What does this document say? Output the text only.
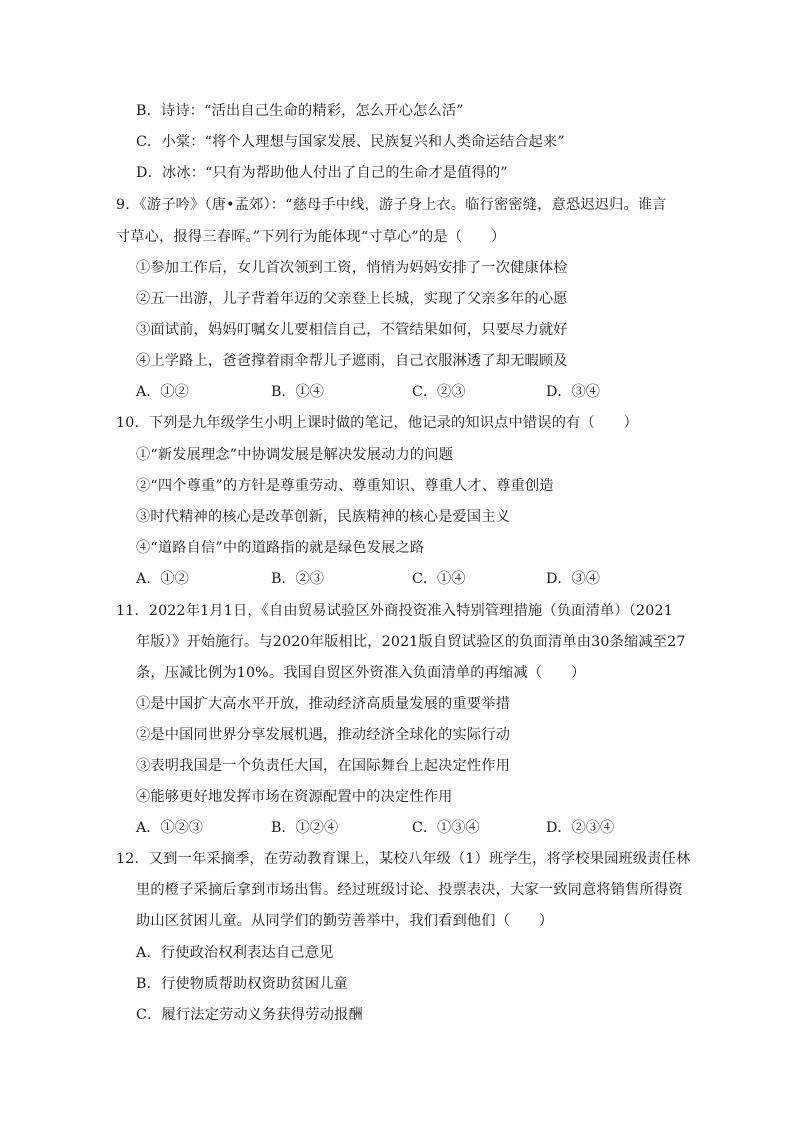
B．诗诗：“活出自己生命的精彩，怎么开心怎么活”
C．小棠：“将个人理想与国家发展、民族复兴和人类命运结合起来”
D．冰冰：“只有为帮助他人付出了自己的生命才是值得的”
9．《游子吟》（唐•孟郊）：“慈母手中线，游子身上衣。临行密密缝，意恐迟迟归。谁言
寸草心，报得三春晖。”下列行为能体现“寸草心”的是（　　）
①参加工作后，女儿首次领到工资，悄悄为妈妈安排了一次健康体检
②五一出游，儿子背着年迈的父亲登上长城，实现了父亲多年的心愿
③面试前，妈妈叮嘱女儿要相信自己，不管结果如何，只要尽力就好
④上学路上，爸爸撑着雨伞帮儿子遮雨，自己衣服淋透了却无暇顾及
A．①②	B．①④	C．②③	D．③④
10．下列是九年级学生小明上课时做的笔记，他记录的知识点中错误的有（　　）
①“新发展理念”中协调发展是解决发展动力的问题
②“四个尊重”的方针是尊重劳动、尊重知识、尊重人才、尊重创造
③时代精神的核心是改革创新，民族精神的核心是爱国主义
④“道路自信”中的道路指的就是绿色发展之路
A．①②	B．②③	C．①④	D．③④
11．2022年1月1日，《自由贸易试验区外商投资准入特别管理措施（负面清单）（2021
年版）》开始施行。与2020年版相比，2021版自贸试验区的负面清单由30条缩减至27
条，压减比例为10%。我国自贸区外资准入负面清单的再缩减（　　）
①是中国扩大高水平开放，推动经济高质量发展的重要举措
②是中国同世界分享发展机遇，推动经济全球化的实际行动
③表明我国是一个负责任大国，在国际舞台上起决定性作用
④能够更好地发挥市场在资源配置中的决定性作用
A．①②③	B．①②④	C．①③④	D．②③④
12．又到一年采摘季，在劳动教育课上，某校八年级（1）班学生，将学校果园班级责任林
里的橙子采摘后拿到市场出售。经过班级讨论、投票表决，大家一致同意将销售所得资
助山区贫困儿童。从同学们的勤劳善举中，我们看到他们（　　）
A．行使政治权利表达自己意见
B．行使物质帮助权资助贫困儿童
C．履行法定劳动义务获得劳动报酬
